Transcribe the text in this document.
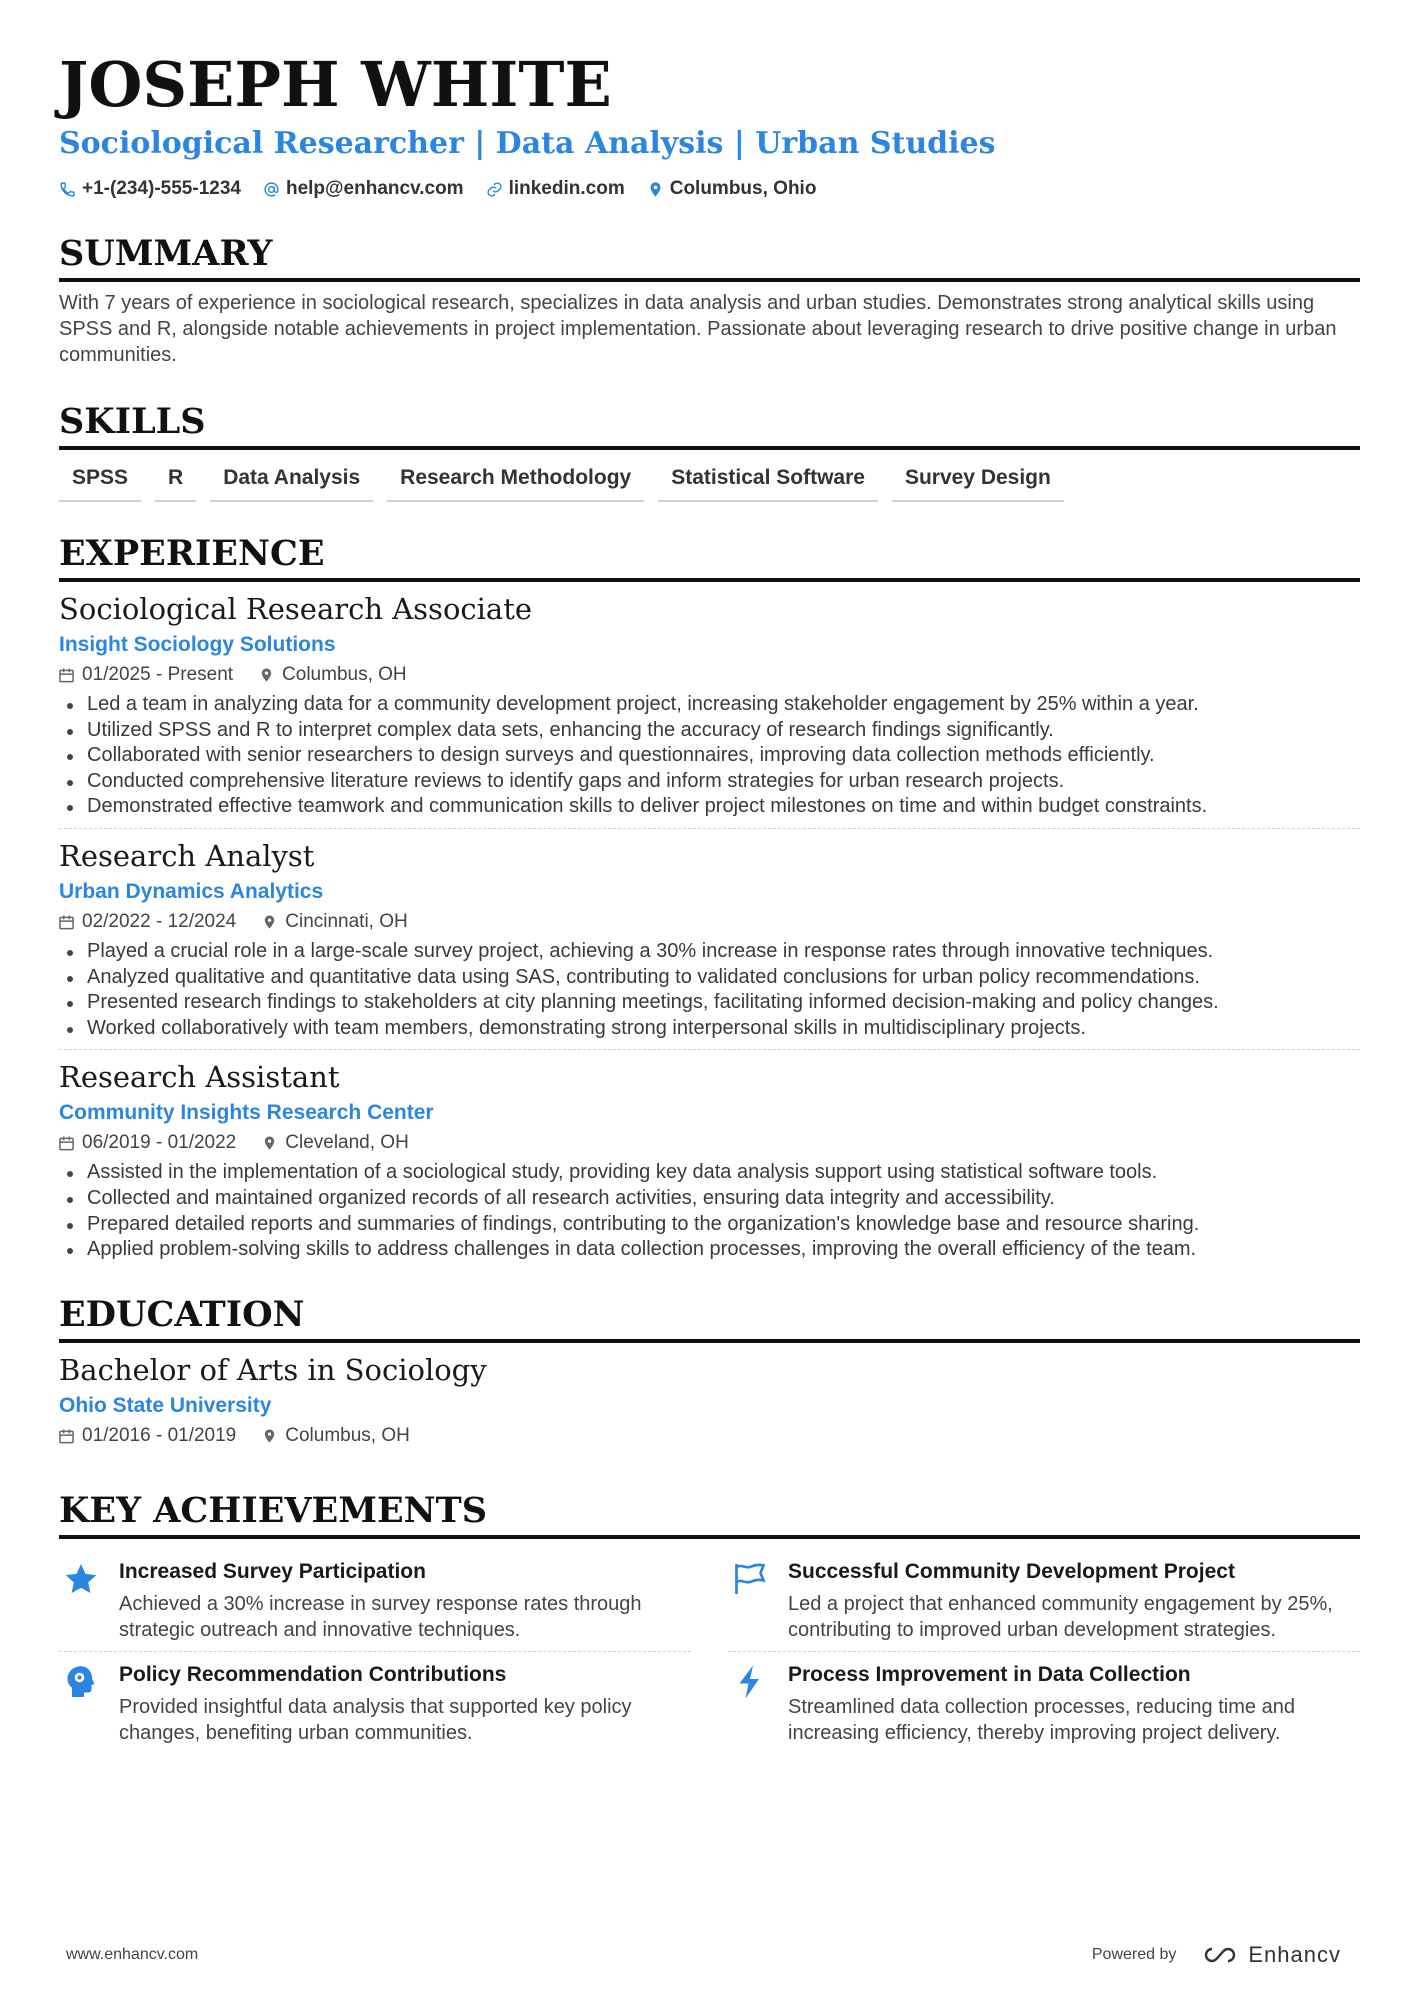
JOSEPH WHITE
Sociological Researcher | Data Analysis | Urban Studies
+1-(234)-555-1234 help@enhancv.com linkedin.com Columbus, Ohio
SUMMARY

With 7 years of experience in sociological research, specializes in data analysis and urban studies. Demonstrates strong analytical skills using SPSS and R, alongside notable achievements in project implementation. Passionate about leveraging research to drive positive change in urban communities.

SKILLS
SPSS	R	Data Analysis	Research Methodology	Statistical Software	Survey Design
EXPERIENCE
Sociological Research Associate
Insight Sociology Solutions
01/2025 - Present	Columbus, OH
Led a team in analyzing data for a community development project, increasing stakeholder engagement by 25% within a year.
Utilized SPSS and R to interpret complex data sets, enhancing the accuracy of research findings significantly.
Collaborated with senior researchers to design surveys and questionnaires, improving data collection methods efficiently.
Conducted comprehensive literature reviews to identify gaps and inform strategies for urban research projects.
Demonstrated effective teamwork and communication skills to deliver project milestones on time and within budget constraints.
Research Analyst
Urban Dynamics Analytics
02/2022 - 12/2024	Cincinnati, OH
Played a crucial role in a large-scale survey project, achieving a 30% increase in response rates through innovative techniques.
Analyzed qualitative and quantitative data using SAS, contributing to validated conclusions for urban policy recommendations.
Presented research findings to stakeholders at city planning meetings, facilitating informed decision-making and policy changes.
Worked collaboratively with team members, demonstrating strong interpersonal skills in multidisciplinary projects.
Research Assistant
Community Insights Research Center
06/2019 - 01/2022	Cleveland, OH
Assisted in the implementation of a sociological study, providing key data analysis support using statistical software tools.
Collected and maintained organized records of all research activities, ensuring data integrity and accessibility.
Prepared detailed reports and summaries of findings, contributing to the organization's knowledge base and resource sharing.
Applied problem-solving skills to address challenges in data collection processes, improving the overall efficiency of the team.
EDUCATION
Bachelor of Arts in Sociology
Ohio State University
01/2016 - 01/2019	Columbus, OH
KEY ACHIEVEMENTS
Increased Survey Participation
Achieved a 30% increase in survey response rates through strategic outreach and innovative techniques.
Successful Community Development Project
Led a project that enhanced community engagement by 25%, contributing to improved urban development strategies.
Policy Recommendation Contributions
Provided insightful data analysis that supported key policy changes, benefiting urban communities.
Process Improvement in Data Collection
Streamlined data collection processes, reducing time and increasing efficiency, thereby improving project delivery.
www.enhancv.com	Powered by	Enhancv
